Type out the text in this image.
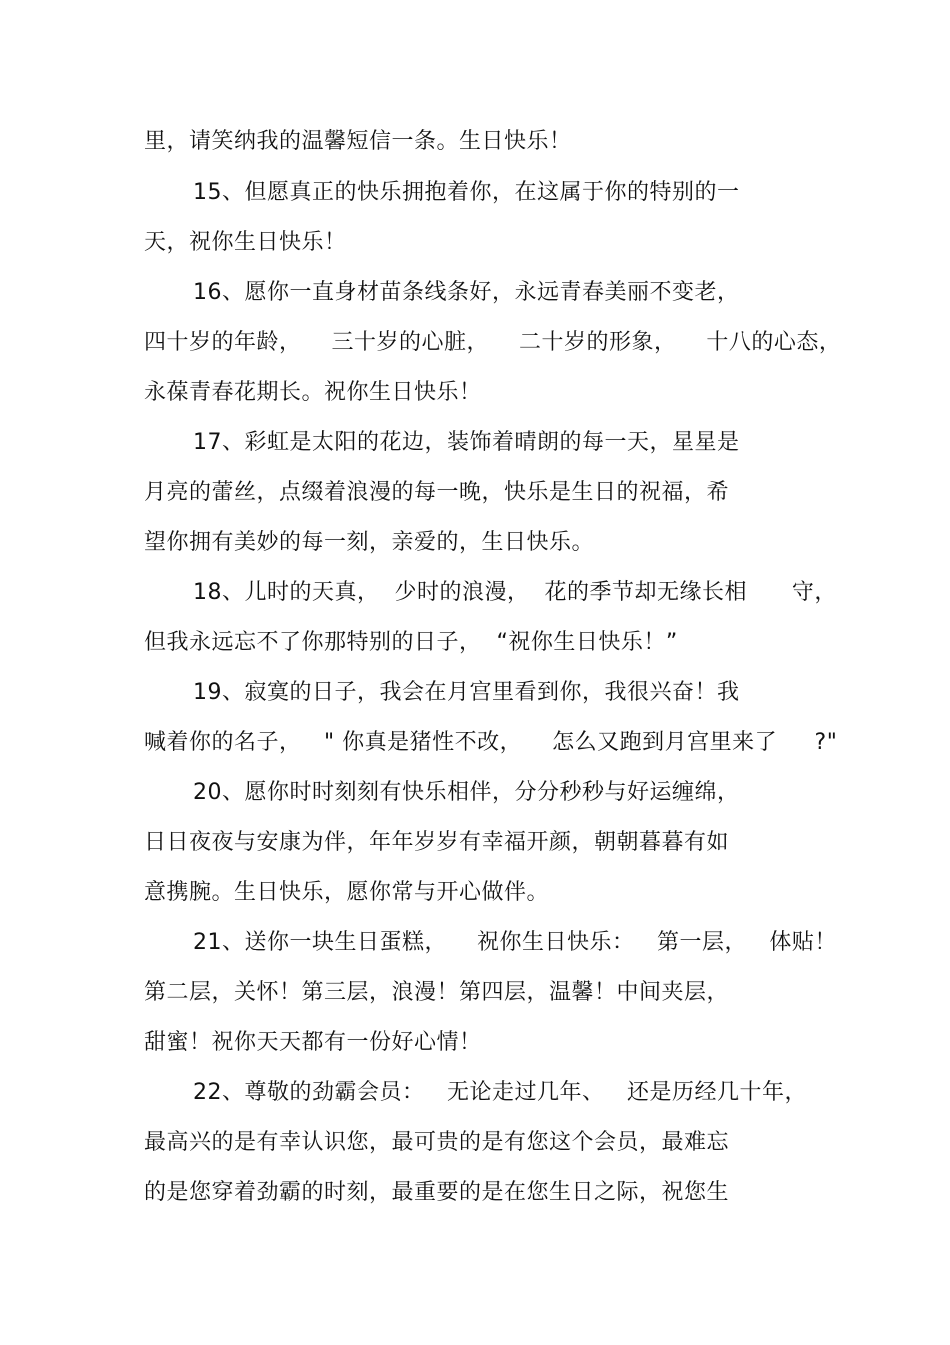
里，请笑纳我的温馨短信一条。生日快乐！
15、但愿真正的快乐拥抱着你，在这属于你的特别的一
天，祝你生日快乐！
16、愿你一直身材苗条线条好，永远青春美丽不变老，
四十岁的年龄，    三十岁的心脏，    二十岁的形象，    十八的心态，
永葆青春花期长。祝你生日快乐！
17、彩虹是太阳的花边，装饰着晴朗的每一天，星星是
月亮的蕾丝，点缀着浪漫的每一晚，快乐是生日的祝福，希
望你拥有美妙的每一刻，亲爱的，生日快乐。
18、儿时的天真，  少时的浪漫，  花的季节却无缘长相      守，
但我永远忘不了你那特别的日子，  “祝你生日快乐！”
19、寂寞的日子，我会在月宫里看到你，我很兴奋！我
喊着你的名子，   " 你真是猪性不改，    怎么又跑到月宫里来了     ?"
20、愿你时时刻刻有快乐相伴，分分秒秒与好运缠绵，
日日夜夜与安康为伴，年年岁岁有幸福开颜，朝朝暮暮有如
意携腕。生日快乐，愿你常与开心做伴。
21、送你一块生日蛋糕，    祝你生日快乐：   第一层，   体贴！
第二层，关怀！第三层，浪漫！第四层，温馨！中间夹层，
甜蜜！祝你天天都有一份好心情！
22、尊敬的劲霸会员：   无论走过几年、   还是历经几十年，
最高兴的是有幸认识您，最可贵的是有您这个会员，最难忘
的是您穿着劲霸的时刻，最重要的是在您生日之际，祝您生
